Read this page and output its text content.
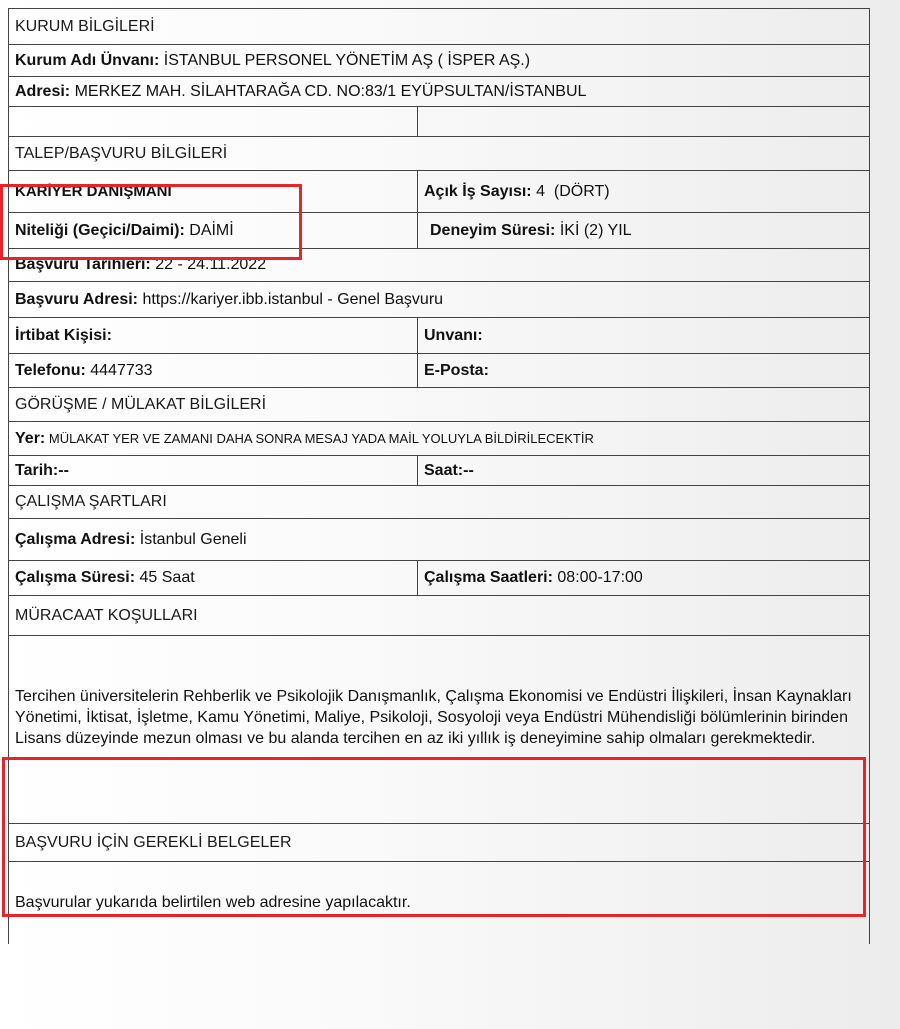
KURUM BİLGİLERİ
Kurum Adı Ünvanı: İSTANBUL PERSONEL YÖNETİM AŞ ( İSPER AŞ.)
Adresi: MERKEZ MAH. SİLAHTARAĞA CD. NO:83/1 EYÜPSULTAN/İSTANBUL
TALEP/BAŞVURU BİLGİLERİ
KARİYER DANIŞMANI	Açık İş Sayısı: 4  (DÖRT)
Niteliği (Geçici/Daimi): DAİMİ	Deneyim Süresi: İKİ (2) YIL
Başvuru Tarihleri: 22 - 24.11.2022
Başvuru Adresi: https://kariyer.ibb.istanbul - Genel Başvuru
İrtibat Kişisi:	Unvanı:
Telefonu: 4447733	E-Posta:
GÖRÜŞME / MÜLAKAT BİLGİLERİ
Yer: MÜLAKAT YER VE ZAMANI DAHA SONRA MESAJ YADA MAİL YOLUYLA BİLDİRİLECEKTİR
Tarih:--	Saat:--
ÇALIŞMA ŞARTLARI
Çalışma Adresi: İstanbul Geneli
Çalışma Süresi: 45 Saat	Çalışma Saatleri: 08:00-17:00
MÜRACAAT KOŞULLARI
Tercihen üniversitelerin Rehberlik ve Psikolojik Danışmanlık, Çalışma Ekonomisi ve Endüstri İlişkileri, İnsan Kaynakları Yönetimi, İktisat, İşletme, Kamu Yönetimi, Maliye, Psikoloji, Sosyoloji veya Endüstri Mühendisliği bölümlerinin birinden Lisans düzeyinde mezun olması ve bu alanda tercihen en az iki yıllık iş deneyimine sahip olmaları gerekmektedir.
BAŞVURU İÇİN GEREKLİ BELGELER
Başvurular yukarıda belirtilen web adresine yapılacaktır.
